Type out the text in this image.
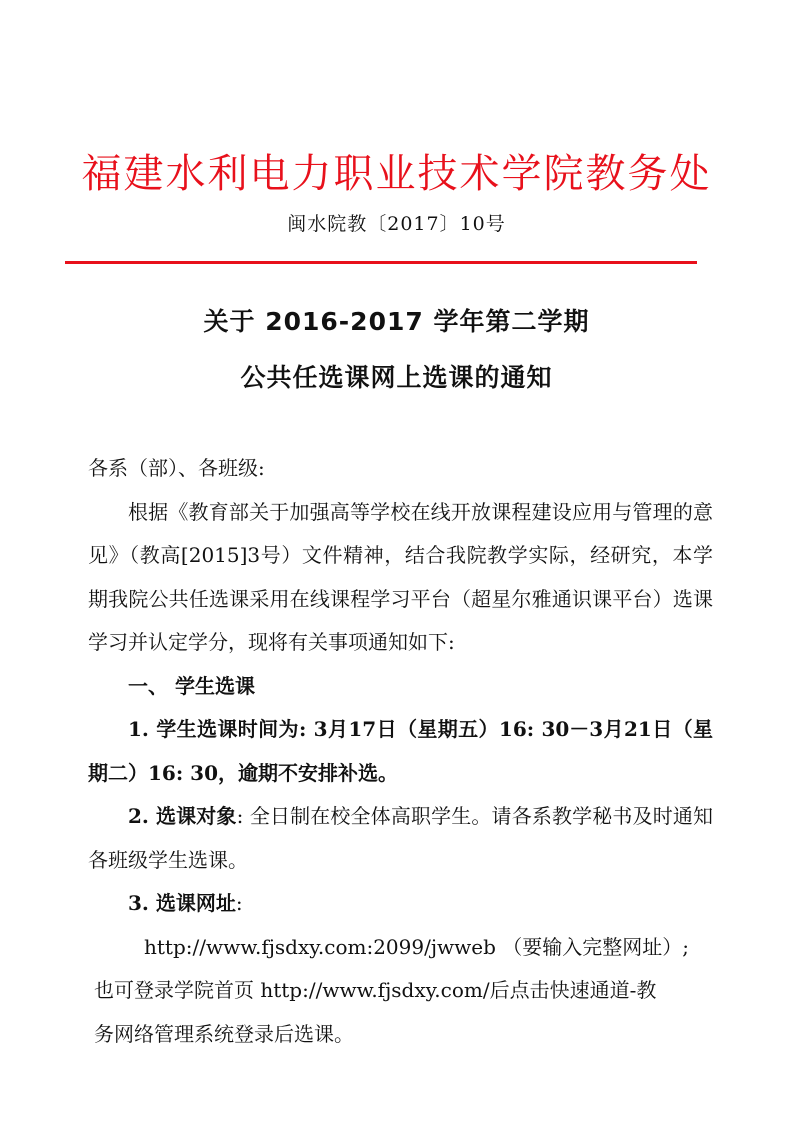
福建水利电力职业技术学院教务处
闽水院教〔2017〕10号
关于 2016-2017 学年第二学期
公共任选课网上选课的通知

各系（部）、各班级:

根据《教育部关于加强高等学校在线开放课程建设应用与管理的意见》（教高[2015]3号）文件精神，结合我院教学实际，经研究，本学期我院公共任选课采用在线课程学习平台（超星尔雅通识课平台）选课学习并认定学分，现将有关事项通知如下:

一、 学生选课

1. 学生选课时间为: 3月17日（星期五）16: 30－3月21日（星期二）16: 30，逾期不安排补选。

2. 选课对象: 全日制在校全体高职学生。请各系教学秘书及时通知各班级学生选课。

3. 选课网址:

http://www.fjsdxy.com:2099/jwweb （要输入完整网址）;

也可登录学院首页 http://www.fjsdxy.com/后点击快速通道-教

务网络管理系统登录后选课。
